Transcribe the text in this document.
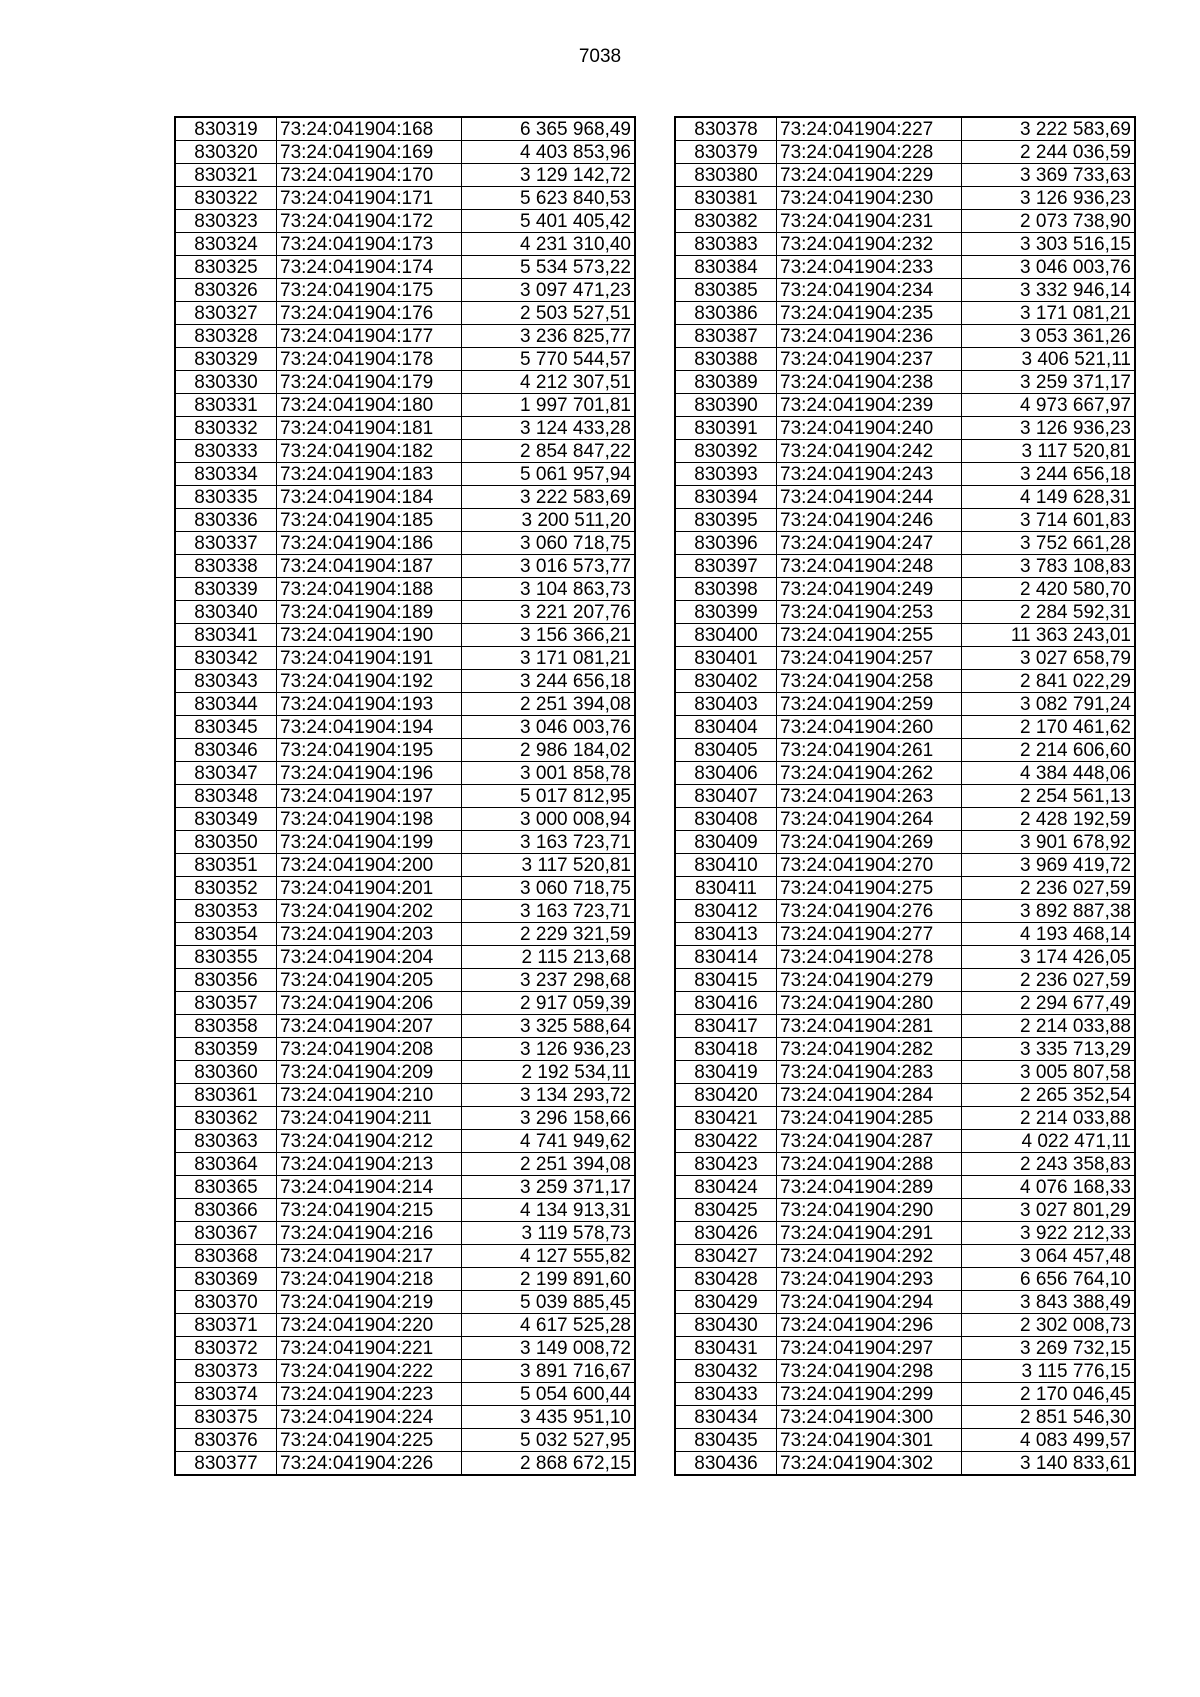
7038
830319	73:24:041904:168	6 365 968,49
830320	73:24:041904:169	4 403 853,96
830321	73:24:041904:170	3 129 142,72
830322	73:24:041904:171	5 623 840,53
830323	73:24:041904:172	5 401 405,42
830324	73:24:041904:173	4 231 310,40
830325	73:24:041904:174	5 534 573,22
830326	73:24:041904:175	3 097 471,23
830327	73:24:041904:176	2 503 527,51
830328	73:24:041904:177	3 236 825,77
830329	73:24:041904:178	5 770 544,57
830330	73:24:041904:179	4 212 307,51
830331	73:24:041904:180	1 997 701,81
830332	73:24:041904:181	3 124 433,28
830333	73:24:041904:182	2 854 847,22
830334	73:24:041904:183	5 061 957,94
830335	73:24:041904:184	3 222 583,69
830336	73:24:041904:185	3 200 511,20
830337	73:24:041904:186	3 060 718,75
830338	73:24:041904:187	3 016 573,77
830339	73:24:041904:188	3 104 863,73
830340	73:24:041904:189	3 221 207,76
830341	73:24:041904:190	3 156 366,21
830342	73:24:041904:191	3 171 081,21
830343	73:24:041904:192	3 244 656,18
830344	73:24:041904:193	2 251 394,08
830345	73:24:041904:194	3 046 003,76
830346	73:24:041904:195	2 986 184,02
830347	73:24:041904:196	3 001 858,78
830348	73:24:041904:197	5 017 812,95
830349	73:24:041904:198	3 000 008,94
830350	73:24:041904:199	3 163 723,71
830351	73:24:041904:200	3 117 520,81
830352	73:24:041904:201	3 060 718,75
830353	73:24:041904:202	3 163 723,71
830354	73:24:041904:203	2 229 321,59
830355	73:24:041904:204	2 115 213,68
830356	73:24:041904:205	3 237 298,68
830357	73:24:041904:206	2 917 059,39
830358	73:24:041904:207	3 325 588,64
830359	73:24:041904:208	3 126 936,23
830360	73:24:041904:209	2 192 534,11
830361	73:24:041904:210	3 134 293,72
830362	73:24:041904:211	3 296 158,66
830363	73:24:041904:212	4 741 949,62
830364	73:24:041904:213	2 251 394,08
830365	73:24:041904:214	3 259 371,17
830366	73:24:041904:215	4 134 913,31
830367	73:24:041904:216	3 119 578,73
830368	73:24:041904:217	4 127 555,82
830369	73:24:041904:218	2 199 891,60
830370	73:24:041904:219	5 039 885,45
830371	73:24:041904:220	4 617 525,28
830372	73:24:041904:221	3 149 008,72
830373	73:24:041904:222	3 891 716,67
830374	73:24:041904:223	5 054 600,44
830375	73:24:041904:224	3 435 951,10
830376	73:24:041904:225	5 032 527,95
830377	73:24:041904:226	2 868 672,15
830378	73:24:041904:227	3 222 583,69
830379	73:24:041904:228	2 244 036,59
830380	73:24:041904:229	3 369 733,63
830381	73:24:041904:230	3 126 936,23
830382	73:24:041904:231	2 073 738,90
830383	73:24:041904:232	3 303 516,15
830384	73:24:041904:233	3 046 003,76
830385	73:24:041904:234	3 332 946,14
830386	73:24:041904:235	3 171 081,21
830387	73:24:041904:236	3 053 361,26
830388	73:24:041904:237	3 406 521,11
830389	73:24:041904:238	3 259 371,17
830390	73:24:041904:239	4 973 667,97
830391	73:24:041904:240	3 126 936,23
830392	73:24:041904:242	3 117 520,81
830393	73:24:041904:243	3 244 656,18
830394	73:24:041904:244	4 149 628,31
830395	73:24:041904:246	3 714 601,83
830396	73:24:041904:247	3 752 661,28
830397	73:24:041904:248	3 783 108,83
830398	73:24:041904:249	2 420 580,70
830399	73:24:041904:253	2 284 592,31
830400	73:24:041904:255	11 363 243,01
830401	73:24:041904:257	3 027 658,79
830402	73:24:041904:258	2 841 022,29
830403	73:24:041904:259	3 082 791,24
830404	73:24:041904:260	2 170 461,62
830405	73:24:041904:261	2 214 606,60
830406	73:24:041904:262	4 384 448,06
830407	73:24:041904:263	2 254 561,13
830408	73:24:041904:264	2 428 192,59
830409	73:24:041904:269	3 901 678,92
830410	73:24:041904:270	3 969 419,72
830411	73:24:041904:275	2 236 027,59
830412	73:24:041904:276	3 892 887,38
830413	73:24:041904:277	4 193 468,14
830414	73:24:041904:278	3 174 426,05
830415	73:24:041904:279	2 236 027,59
830416	73:24:041904:280	2 294 677,49
830417	73:24:041904:281	2 214 033,88
830418	73:24:041904:282	3 335 713,29
830419	73:24:041904:283	3 005 807,58
830420	73:24:041904:284	2 265 352,54
830421	73:24:041904:285	2 214 033,88
830422	73:24:041904:287	4 022 471,11
830423	73:24:041904:288	2 243 358,83
830424	73:24:041904:289	4 076 168,33
830425	73:24:041904:290	3 027 801,29
830426	73:24:041904:291	3 922 212,33
830427	73:24:041904:292	3 064 457,48
830428	73:24:041904:293	6 656 764,10
830429	73:24:041904:294	3 843 388,49
830430	73:24:041904:296	2 302 008,73
830431	73:24:041904:297	3 269 732,15
830432	73:24:041904:298	3 115 776,15
830433	73:24:041904:299	2 170 046,45
830434	73:24:041904:300	2 851 546,30
830435	73:24:041904:301	4 083 499,57
830436	73:24:041904:302	3 140 833,61
